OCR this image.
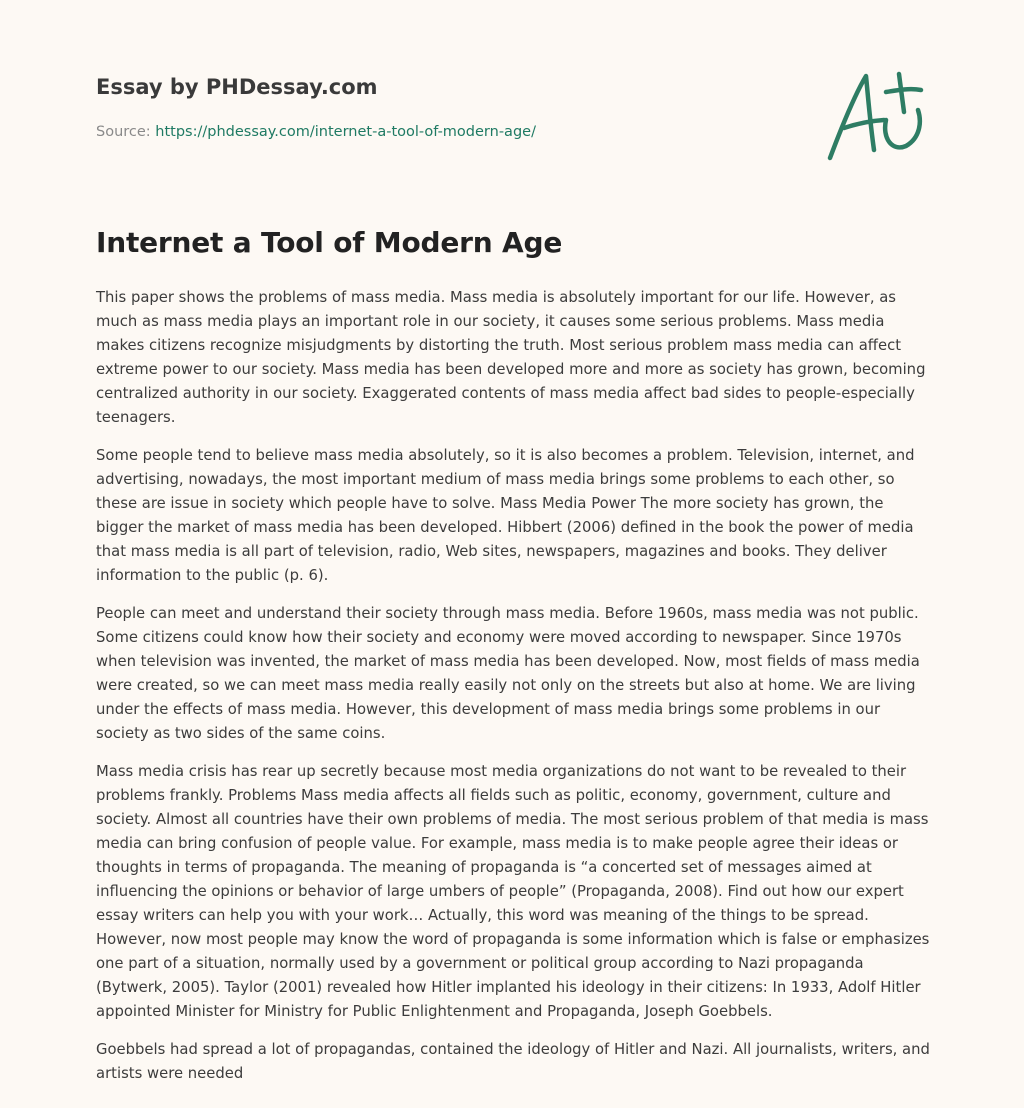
Essay by PHDessay.com
Source: https://phdessay.com/internet-a-tool-of-modern-age/
Internet a Tool of Modern Age

This paper shows the problems of mass media. Mass media is absolutely important for our life. However, as much as mass media plays an important role in our society, it causes some serious problems. Mass media makes citizens recognize misjudgments by distorting the truth. Most serious problem mass media can affect extreme power to our society. Mass media has been developed more and more as society has grown, becoming centralized authority in our society. Exaggerated contents of mass media affect bad sides to people-especially teenagers.

Some people tend to believe mass media absolutely, so it is also becomes a problem. Television, internet, and advertising, nowadays, the most important medium of mass media brings some problems to each other, so these are issue in society which people have to solve. Mass Media Power The more society has grown, the bigger the market of mass media has been developed. Hibbert (2006) defined in the book the power of media that mass media is all part of television, radio, Web sites, newspapers, magazines and books. They deliver information to the public (p. 6).

People can meet and understand their society through mass media. Before 1960s, mass media was not public. Some citizens could know how their society and economy were moved according to newspaper. Since 1970s when television was invented, the market of mass media has been developed. Now, most fields of mass media were created, so we can meet mass media really easily not only on the streets but also at home. We are living under the effects of mass media. However, this development of mass media brings some problems in our society as two sides of the same coins.

Mass media crisis has rear up secretly because most media organizations do not want to be revealed to their problems frankly. Problems Mass media affects all fields such as politic, economy, government, culture and society. Almost all countries have their own problems of media. The most serious problem of that media is mass media can bring confusion of people value. For example, mass media is to make people agree their ideas or thoughts in terms of propaganda. The meaning of propaganda is “a concerted set of messages aimed at influencing the opinions or behavior of large umbers of people” (Propaganda, 2008). Find out how our expert essay writers can help you with your work… Actually, this word was meaning of the things to be spread. However, now most people may know the word of propaganda is some information which is false or emphasizes one part of a situation, normally used by a government or political group according to Nazi propaganda (Bytwerk, 2005). Taylor (2001) revealed how Hitler implanted his ideology in their citizens: In 1933, Adolf Hitler appointed Minister for Ministry for Public Enlightenment and Propaganda, Joseph Goebbels.

Goebbels had spread a lot of propagandas, contained the ideology of Hitler and Nazi. All journalists, writers, and artists were needed
